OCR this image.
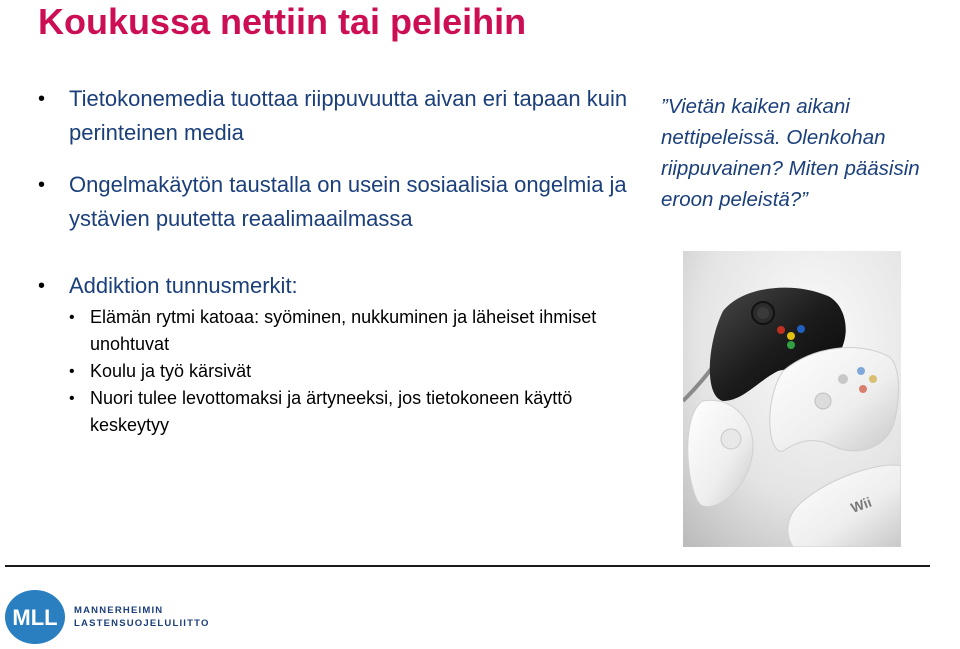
Koukussa nettiin tai peleihin
• Tietokonemedia tuottaa riippuvuutta aivan eri tapaan kuin perinteinen media
• Ongelmakäytön taustalla on usein sosiaalisia ongelmia ja ystävien puutetta reaalimaailmassa
• Addiktion tunnusmerkit:
• Elämän rytmi katoaa: syöminen, nukkuminen ja läheiset ihmiset unohtuvat
• Koulu ja työ kärsivät
• Nuori tulee levottomaksi ja ärtyneeksi, jos tietokoneen käyttö keskeytyy

”Vietän kaiken aikani nettipeleissä. Olenkohan riippuvainen? Miten pääsisin eroon peleistä?”

Wii
MLL MANNERHEIMIN
LASTENSUOJELULIITTO
